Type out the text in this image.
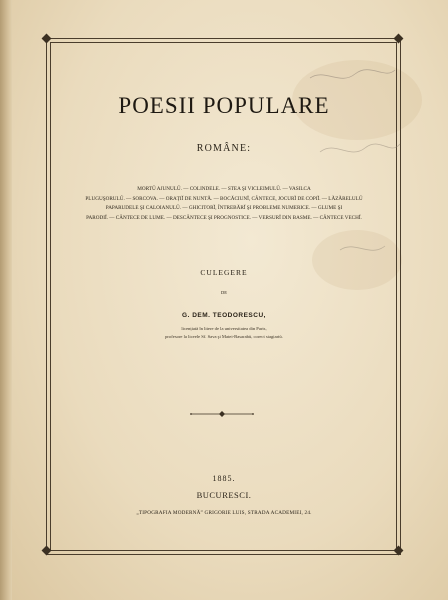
POESII POPULARE
ROMÂNE:
MORTŬ AJUNULŬ. — COLINDELE. — STEA ŞI VICLEIMULŬ. — VASILCA
PLUGUŞORULŬ. — SORCOVA. — ORAȚIĬ DE NUNTĂ. — BOCĂCIUNĬ, CÂNTECE, JOCURĬ DE COPIĬ. — LĂZĂRELULŬ
PAPARUDELE ŞI CALOIANULŬ. — GHICITORĬ, ÎNTREBĂRĬ ŞI PROBLEME NUMERICE. — GLUME ŞI
PARODIĬ. — CÂNTECE DE LUME. — DESCÂNTECE ŞI PROGNOSTICE. — VERSURĬ DIN BASME. — CÂNTECE VECHĬ.
CULEGERE
DE
G. DEM. TEODORESCU,
licențiată în litere de la universitatea din Paris,
profesore la liceele Sf. Sava şi Matei-Basarabŭ, corect stagiariŭ.
1885.
BUCURESCI.
„TIPOGRAFIA MODERNĂ” GRIGORIE LUIS, STRADA ACADEMIEI, 24.
